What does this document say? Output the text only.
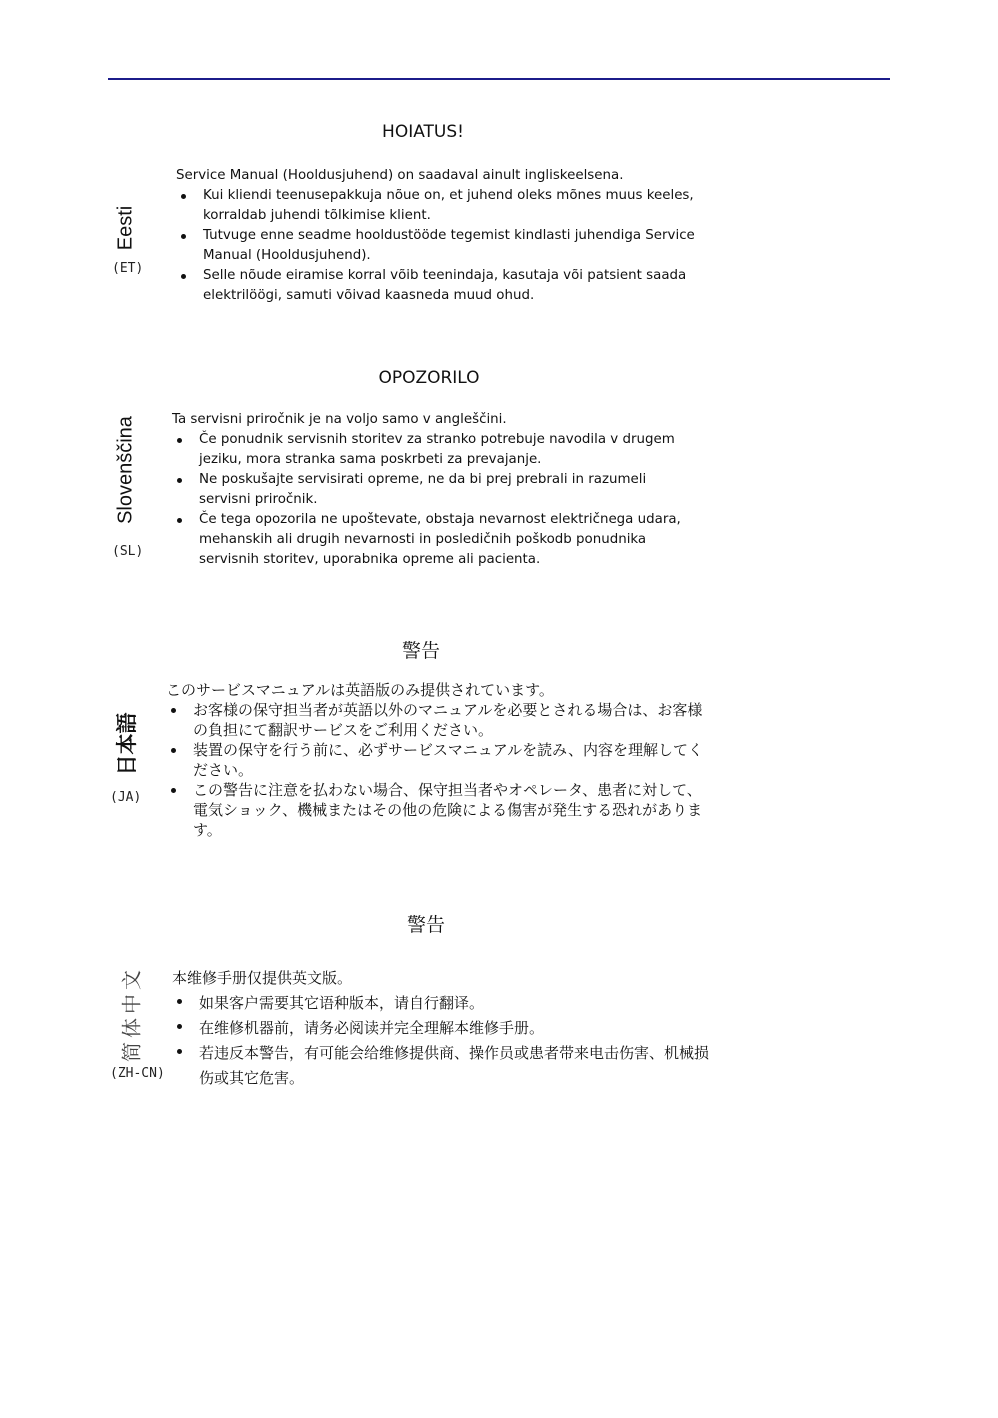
HOIATUS!
Eesti
(ET)

Service Manual (Hooldusjuhend) on saadaval ainult ingliskeelsena.

Kui kliendi teenusepakkuja nõue on, et juhend oleks mõnes muus keeles, korraldab juhendi tõlkimise klient.
Tutvuge enne seadme hooldustööde tegemist kindlasti juhendiga Service Manual (Hooldusjuhend).
Selle nõude eiramise korral võib teenindaja, kasutaja või patsient saada elektrilöögi, samuti võivad kaasneda muud ohud.
OPOZORILO
Slovenščina
(SL)

Ta servisni priročnik je na voljo samo v angleščini.

Če ponudnik servisnih storitev za stranko potrebuje navodila v drugem jeziku, mora stranka sama poskrbeti za prevajanje.
Ne poskušajte servisirati opreme, ne da bi prej prebrali in razumeli servisni priročnik.
Če tega opozorila ne upoštevate, obstaja nevarnost električnega udara, mehanskih ali drugih nevarnosti in posledičnih poškodb ponudnika servisnih storitev, uporabnika opreme ali pacienta.
警告
日本語
(JA)

このサービスマニュアルは英語版のみ提供されています。

お客様の保守担当者が英語以外のマニュアルを必要とされる場合は、お客様の負担にて翻訳サービスをご利用ください。
装置の保守を行う前に、必ずサービスマニュアルを読み、内容を理解してください。
この警告に注意を払わない場合、保守担当者やオペレータ、患者に対して、電気ショック、機械またはその他の危険による傷害が発生する恐れがあります。
警告
简体中文
(ZH-CN)

本维修手册仅提供英文版。

如果客户需要其它语种版本，请自行翻译。
在维修机器前，请务必阅读并完全理解本维修手册。
若违反本警告，有可能会给维修提供商、操作员或患者带来电击伤害、机械损伤或其它危害。
